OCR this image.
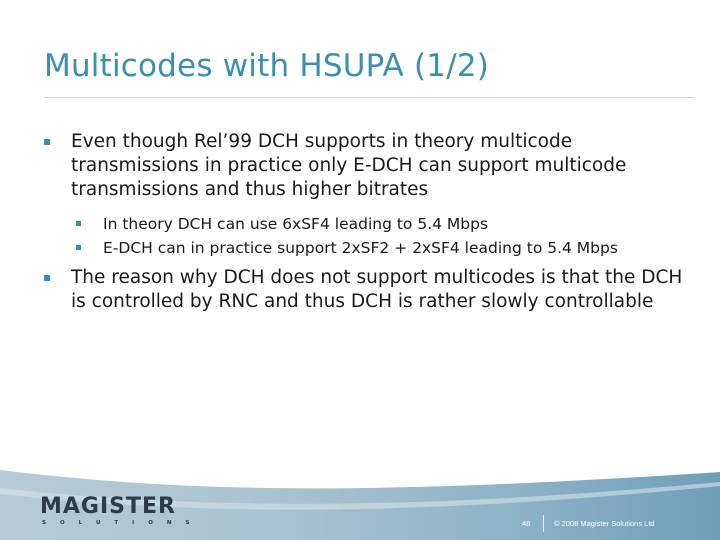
Multicodes with HSUPA (1/2)
Even though Rel’99 DCH supports in theory multicode transmissions in practice only E-DCH can support multicode transmissions and thus higher bitrates
In theory DCH can use 6xSF4 leading to 5.4 Mbps
E-DCH can in practice support 2xSF2 + 2xSF4 leading to 5.4 Mbps
The reason why DCH does not support multicodes is that the DCH is controlled by RNC and thus DCH is rather slowly controllable
MAGISTER
SOLUTIONS	48	© 2008 Magister Solutions Ltd
